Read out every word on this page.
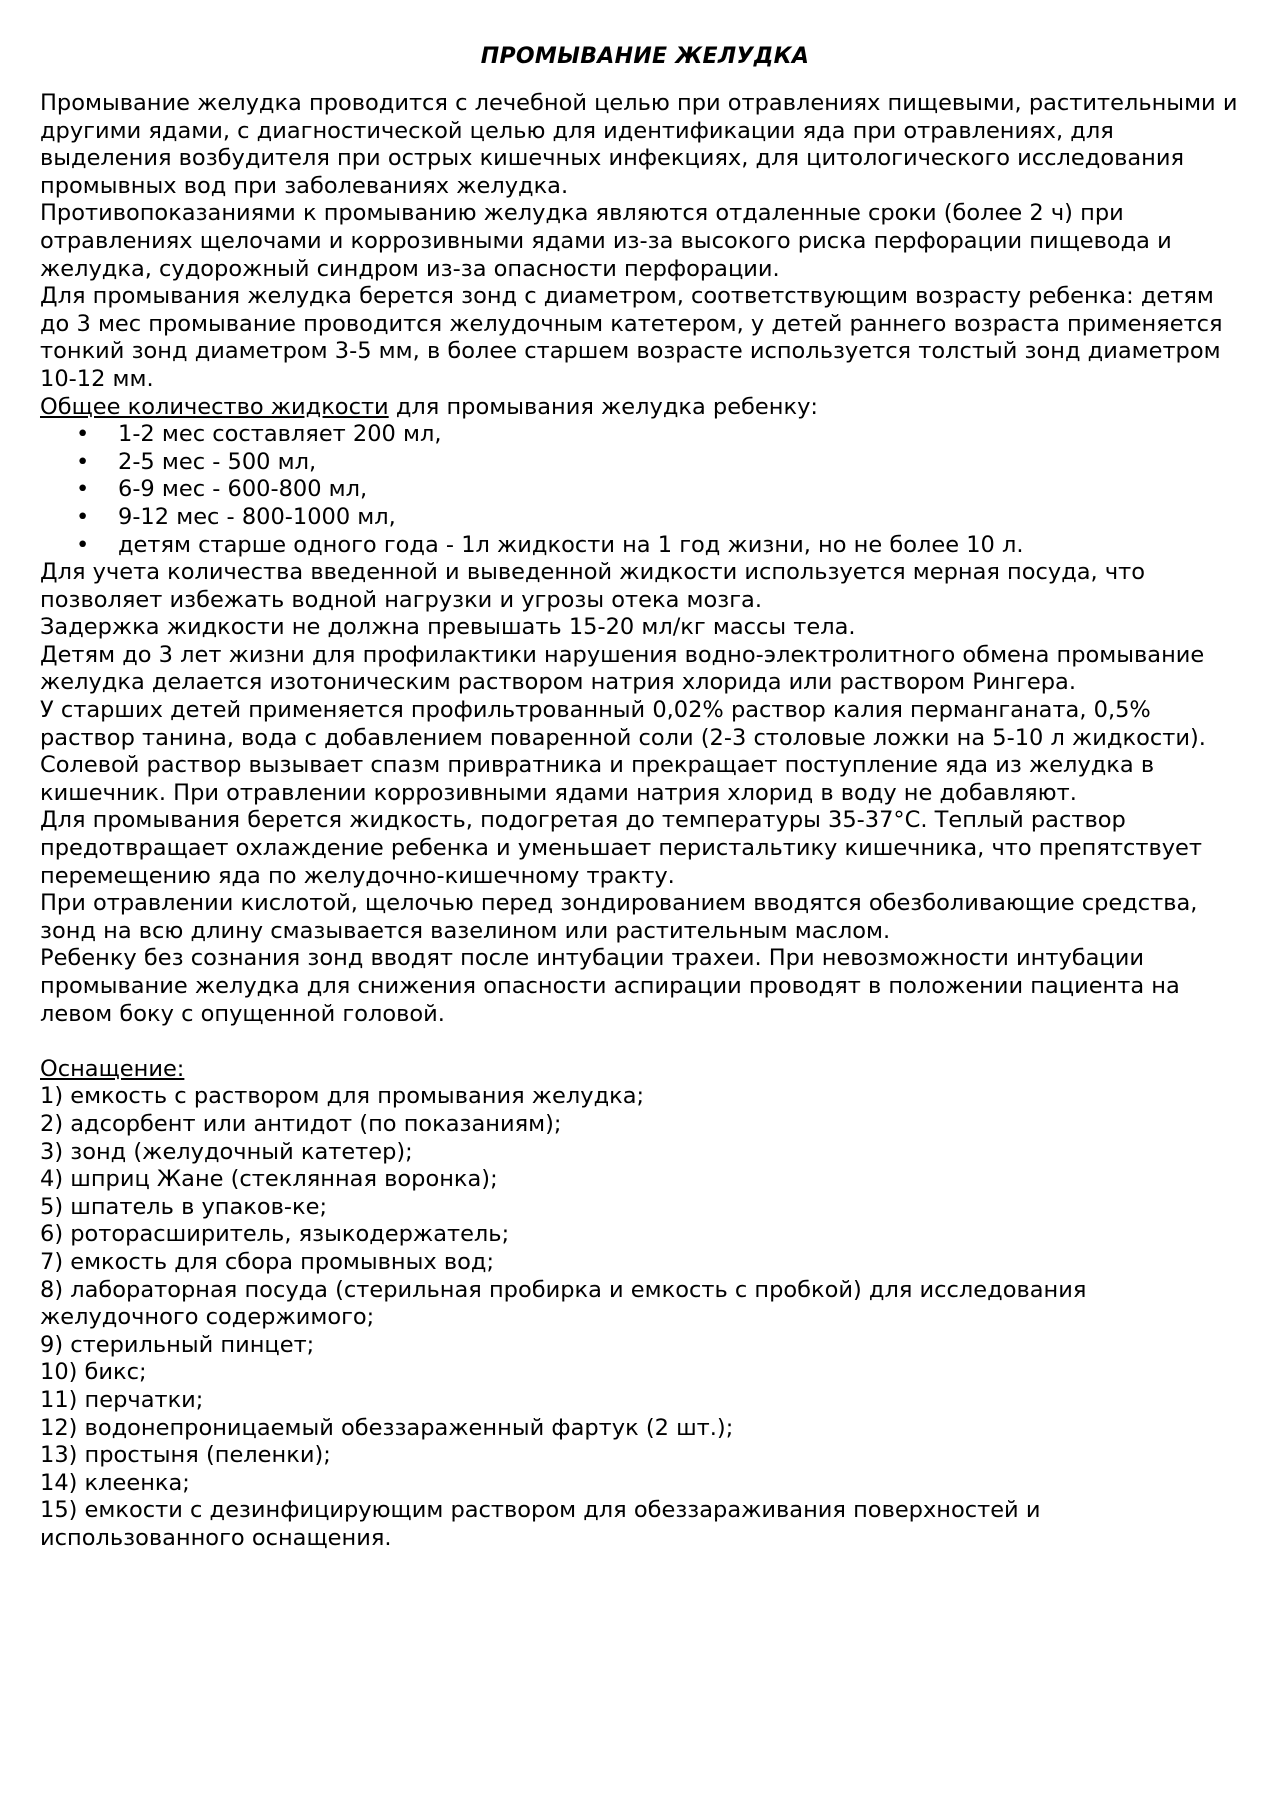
ПРОМЫВАНИЕ ЖЕЛУДКА

Промывание желудка проводится с лечебной целью при отравлениях пищевыми, растительными и другими ядами, с диагностической целью для идентификации яда при отравлениях, для выделения возбудителя при острых кишечных инфекциях, для цитологического исследования промывных вод при заболеваниях желудка.

Противопоказаниями к промыванию желудка являются отдаленные сроки (более 2 ч) при отравлениях щелочами и коррозивными ядами из-за высокого риска перфорации пищевода и желудка, судорожный синдром из-за опасности перфорации.

Для промывания желудка берется зонд с диаметром, соответствующим возрасту ребенка: детям до 3 мес промывание проводится желудочным катетером, у детей раннего возраста применяется тонкий зонд диаметром 3-5 мм, в более старшем возрасте используется толстый зонд диаметром 10-12 мм.

Общее количество жидкости для промывания желудка ребенку:

• 1-2 мес составляет 200 мл,
• 2-5 мес - 500 мл,
• 6-9 мес - 600-800 мл,
• 9-12 мес - 800-1000 мл,
• детям старше одного года - 1л жидкости на 1 год жизни, но не более 10 л.

Для учета количества введенной и выведенной жидкости используется мерная посуда, что позволяет избежать водной нагрузки и угрозы отека мозга.

Задержка жидкости не должна превышать 15-20 мл/кг массы тела.

Детям до 3 лет жизни для профилактики нарушения водно-электролитного обмена промывание желудка делается изотоническим раствором натрия хлорида или раствором Рингера.

У старших детей применяется профильтрованный 0,02% раствор калия перманганата, 0,5% раствор танина, вода с добавлением поваренной соли (2-3 столовые ложки на 5-10 л жидкости). Солевой раствор вызывает спазм привратника и прекращает поступление яда из желудка в кишечник. При отравлении коррозивными ядами натрия хлорид в воду не добавляют.

Для промывания берется жидкость, подогретая до температуры 35-37°С. Теплый раствор предотвращает охлаждение ребенка и уменьшает перистальтику кишечника, что препятствует перемещению яда по желудочно-кишечному тракту.

При отравлении кислотой, щелочью перед зондированием вводятся обезболивающие средства, зонд на всю длину смазывается вазелином или растительным маслом.

Ребенку без сознания зонд вводят после интубации трахеи. При невозможности интубации промывание желудка для снижения опасности аспирации проводят в положении пациента на левом боку с опущенной головой.

Оснащение:

1) емкость с раствором для промывания желудка;
2) адсорбент или антидот (по показаниям);
3) зонд (желудочный катетер);
4) шприц Жане (стеклянная воронка);
5) шпатель в упаков-ке;
6) роторасширитель, языкодержатель;
7) емкость для сбора промывных вод;
8) лабораторная посуда (стерильная пробирка и емкость с пробкой) для исследования желудочного содержимого;
9) стерильный пинцет;
10) бикс;
11) перчатки;
12) водонепроницаемый обеззараженный фартук (2 шт.);
13) простыня (пеленки);
14) клеенка;
15) емкости с дезинфицирующим раствором для обеззараживания поверхностей и использованного оснащения.
